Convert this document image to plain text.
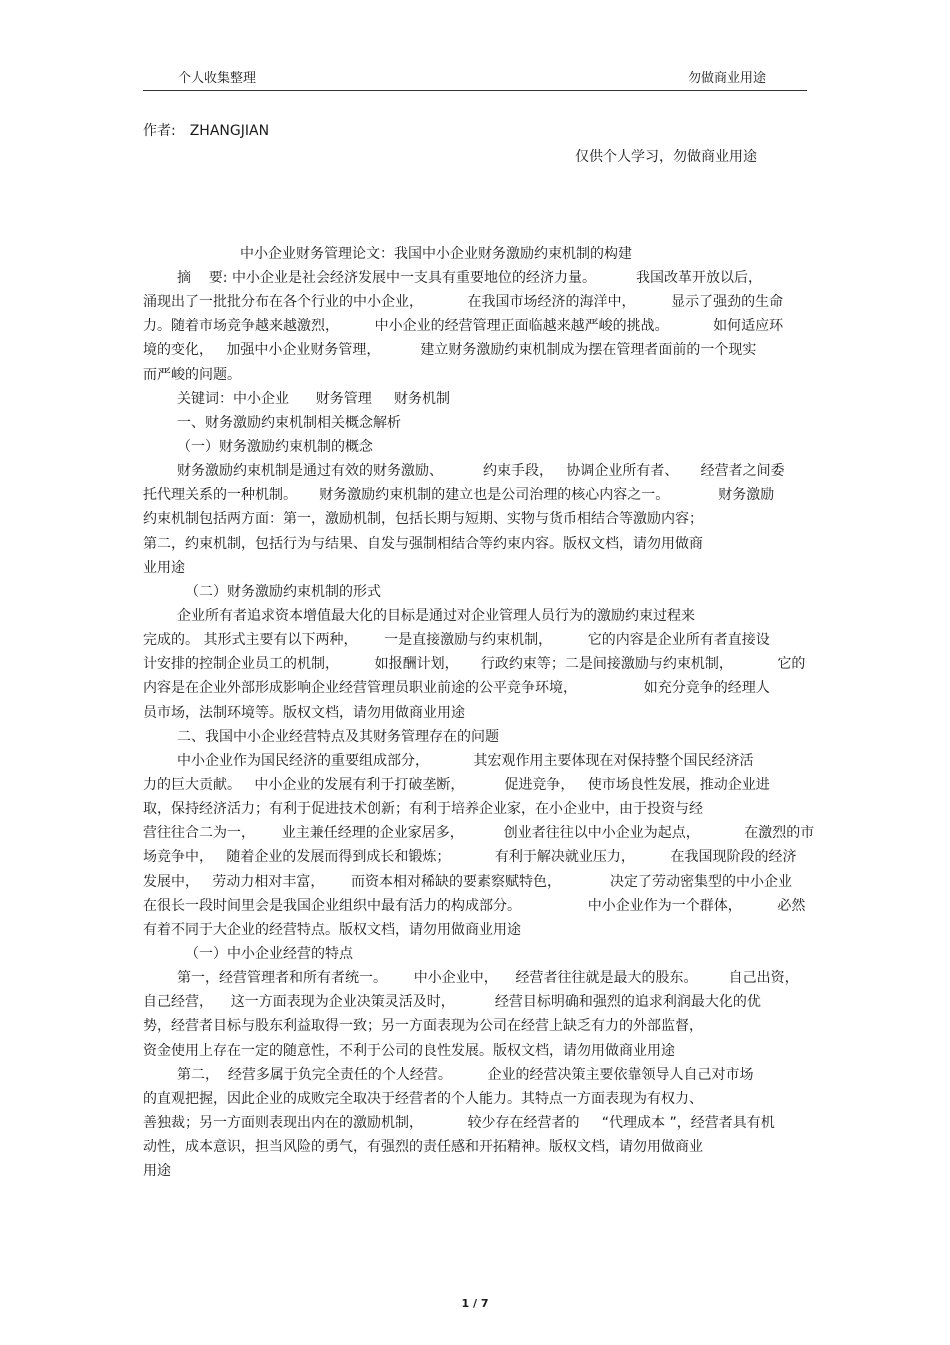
个人收集整理	勿做商业用途
作者: ZHANGJIAN
仅供个人学习，勿做商业用途
中小企业财务管理论文：我国中小企业财务激励约束机制的构建
摘    要: 中小企业是社会经济发展中一支具有重要地位的经济力量。         我国改革开放以后，
涌现出了一批批分布在各个行业的中小企业，          在我国市场经济的海洋中，        显示了强劲的生命
力。随着市场竞争越来越激烈，        中小企业的经营管理正面临越来越严峻的挑战。          如何适应环
境的变化，   加强中小企业财务管理，         建立财务激励约束机制成为摆在管理者面前的一个现实
而严峻的问题。
关键词：中小企业      财务管理     财务机制
一、财务激励约束机制相关概念解析
（一）财务激励约束机制的概念
财务激励约束机制是通过有效的财务激励、         约束手段，   协调企业所有者、     经营者之间委
托代理关系的一种机制。     财务激励约束机制的建立也是公司治理的核心内容之一。           财务激励
约束机制包括两方面：第一，激励机制，包括长期与短期、实物与货币相结合等激励内容；
第二，约束机制，包括行为与结果、自发与强制相结合等约束内容。版权文档，请勿用做商
业用途
（二）财务激励约束机制的形式
企业所有者追求资本增值最大化的目标是通过对企业管理人员行为的激励约束过程来
完成的。 其形式主要有以下两种，      一是直接激励与约束机制，        它的内容是企业所有者直接设
计安排的控制企业员工的机制，        如报酬计划，     行政约束等；二是间接激励与约束机制，          它的
内容是在企业外部形成影响企业经营管理员职业前途的公平竞争环境，               如充分竞争的经理人
员市场，法制环境等。版权文档，请勿用做商业用途
二、我国中小企业经营特点及其财务管理存在的问题
中小企业作为国民经济的重要组成部分，          其宏观作用主要体现在对保持整个国民经济活
力的巨大贡献。   中小企业的发展有利于打破垄断，         促进竞争，   使市场良性发展，推动企业进
取，保持经济活力；有利于促进技术创新；有利于培养企业家，在小企业中，由于投资与经
营往往合二为一，      业主兼任经理的企业家居多，         创业者往往以中小企业为起点，          在激烈的市
场竞争中，   随着企业的发展而得到成长和锻炼；          有利于解决就业压力，        在我国现阶段的经济
发展中，   劳动力相对丰富，      而资本相对稀缺的要素察赋特色，           决定了劳动密集型的中小企业
在很长一段时间里会是我国企业组织中最有活力的构成部分。               中小企业作为一个群体，        必然
有着不同于大企业的经营特点。版权文档，请勿用做商业用途
（一）中小企业经营的特点
第一，经营管理者和所有者统一。      中小企业中，    经营者往往就是最大的股东。       自己出资，
自己经营，    这一方面表现为企业决策灵活及时，         经营目标明确和强烈的追求利润最大化的优
势，经营者目标与股东利益取得一致；另一方面表现为公司在经营上缺乏有力的外部监督，
资金使用上存在一定的随意性，不利于公司的良性发展。版权文档，请勿用做商业用途
第二，  经营多属于负完全责任的个人经营。        企业的经营决策主要依靠领导人自己对市场
的直观把握，因此企业的成败完全取决于经营者的个人能力。其特点一方面表现为有权力、
善独裁；另一方面则表现出内在的激励机制，          较少存在经营者的     “代理成本 ”，经营者具有机
动性，成本意识，担当风险的勇气，有强烈的责任感和开拓精神。版权文档，请勿用做商业
用途
1 / 7
